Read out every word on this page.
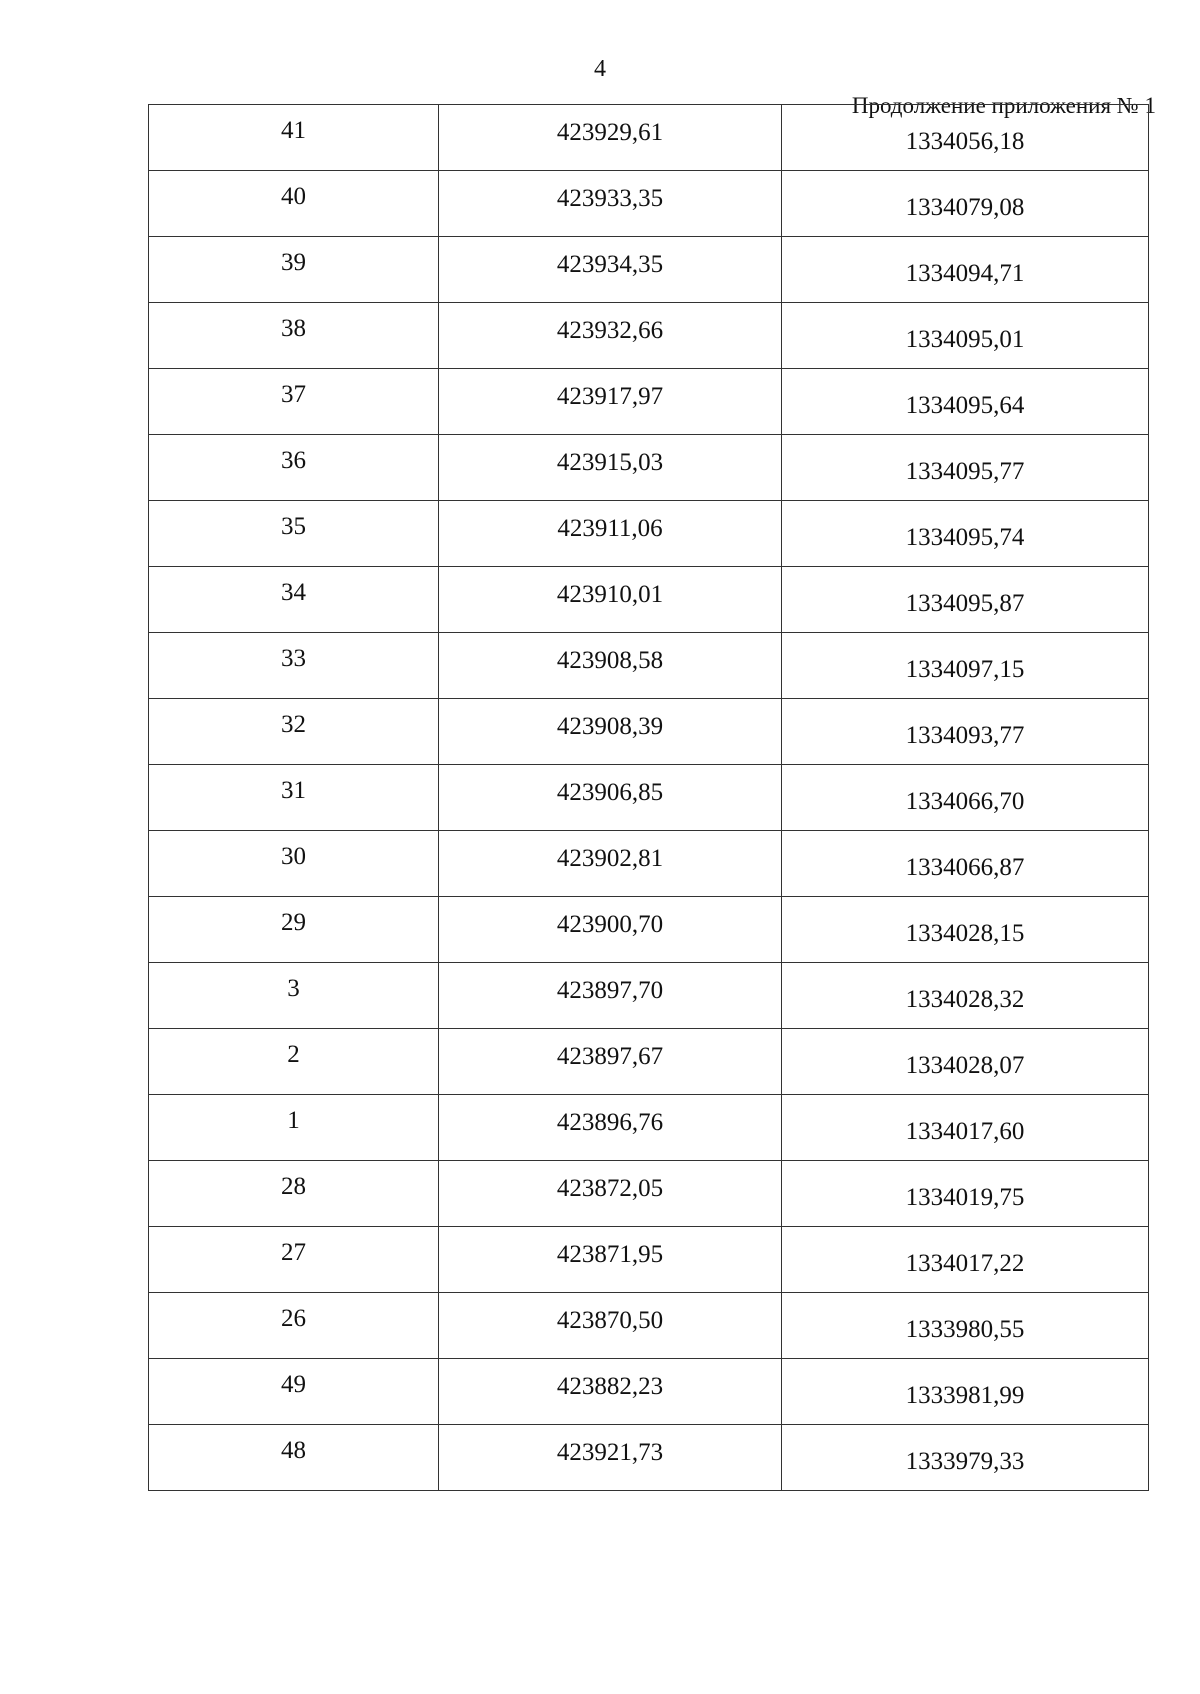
4
Продолжение приложения № 1
41	423929,61	1334056,18
40	423933,35	1334079,08
39	423934,35	1334094,71
38	423932,66	1334095,01
37	423917,97	1334095,64
36	423915,03	1334095,77
35	423911,06	1334095,74
34	423910,01	1334095,87
33	423908,58	1334097,15
32	423908,39	1334093,77
31	423906,85	1334066,70
30	423902,81	1334066,87
29	423900,70	1334028,15
3	423897,70	1334028,32
2	423897,67	1334028,07
1	423896,76	1334017,60
28	423872,05	1334019,75
27	423871,95	1334017,22
26	423870,50	1333980,55
49	423882,23	1333981,99
48	423921,73	1333979,33
